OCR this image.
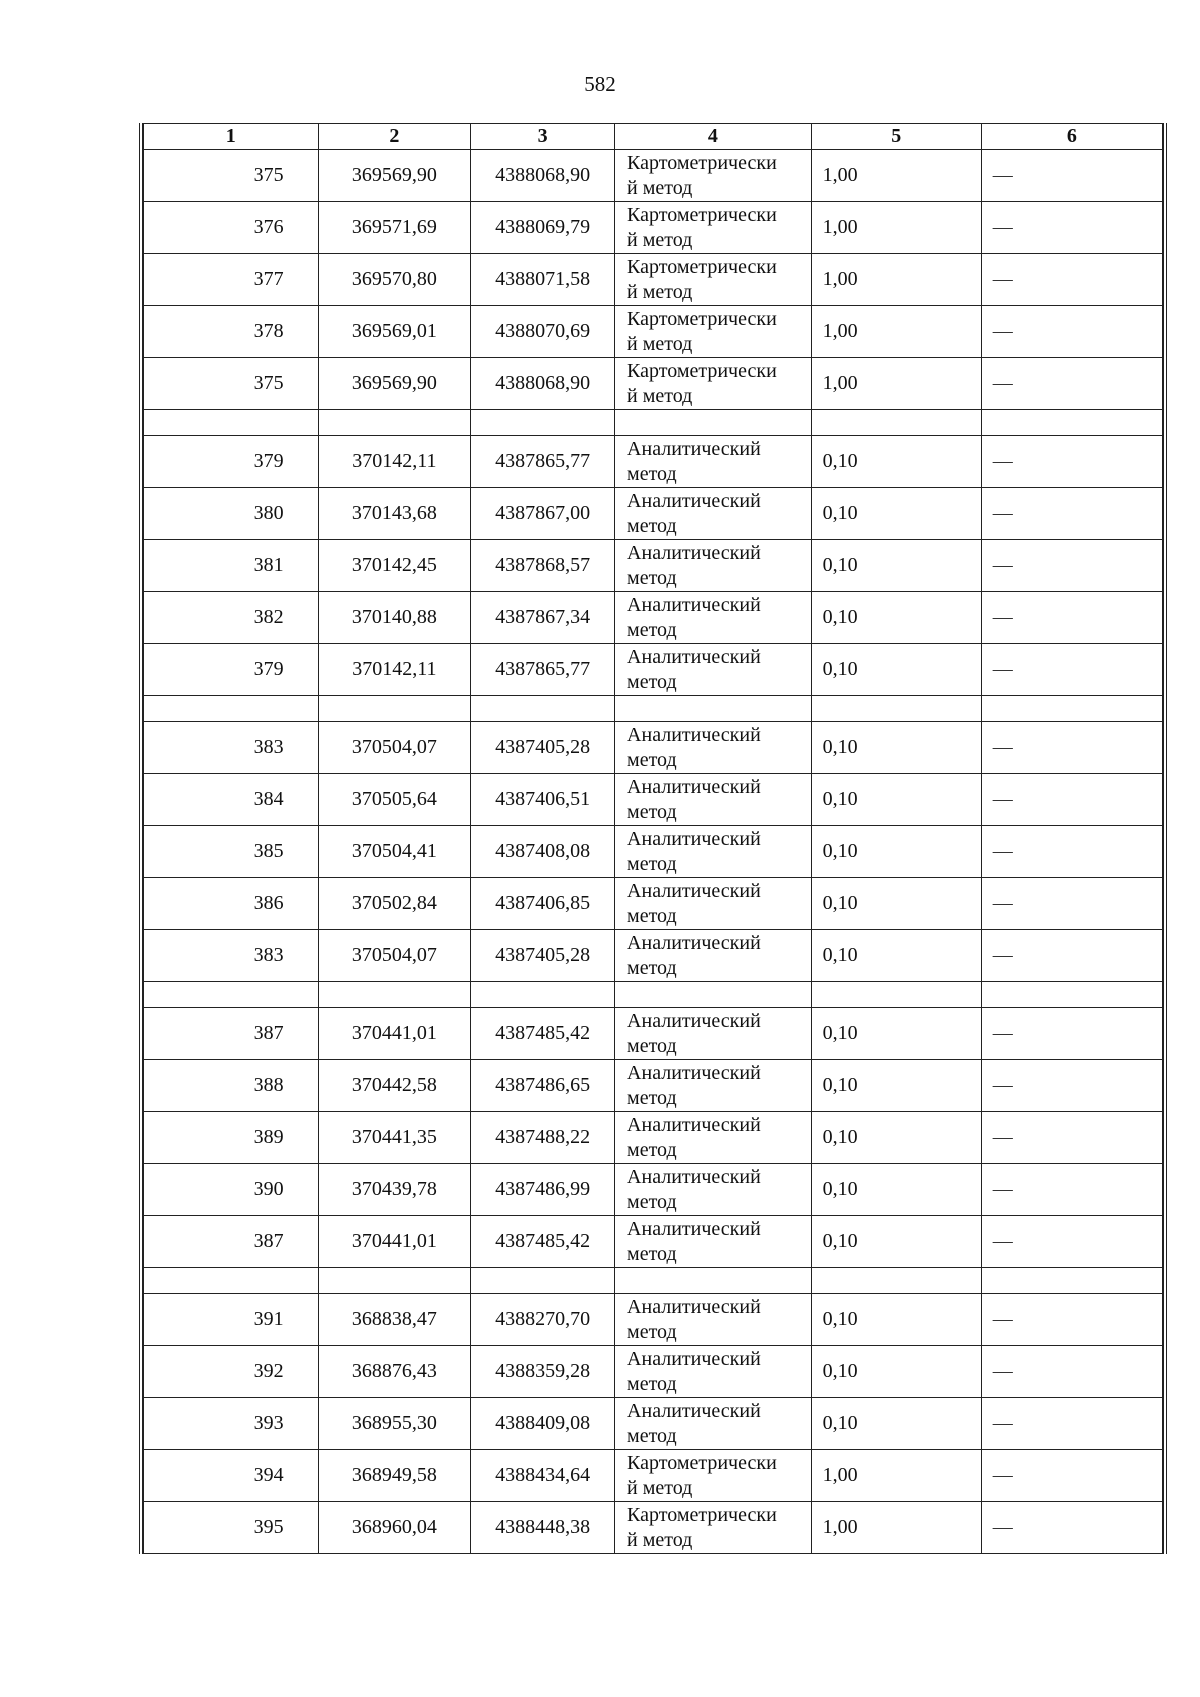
582
1	2	3	4	5	6
375	369569,90	4388068,90	Картометрически
й метод	1,00	—
376	369571,69	4388069,79	Картометрически
й метод	1,00	—
377	369570,80	4388071,58	Картометрически
й метод	1,00	—
378	369569,01	4388070,69	Картометрически
й метод	1,00	—
375	369569,90	4388068,90	Картометрически
й метод	1,00	—

379	370142,11	4387865,77	Аналитический
метод	0,10	—
380	370143,68	4387867,00	Аналитический
метод	0,10	—
381	370142,45	4387868,57	Аналитический
метод	0,10	—
382	370140,88	4387867,34	Аналитический
метод	0,10	—
379	370142,11	4387865,77	Аналитический
метод	0,10	—

383	370504,07	4387405,28	Аналитический
метод	0,10	—
384	370505,64	4387406,51	Аналитический
метод	0,10	—
385	370504,41	4387408,08	Аналитический
метод	0,10	—
386	370502,84	4387406,85	Аналитический
метод	0,10	—
383	370504,07	4387405,28	Аналитический
метод	0,10	—

387	370441,01	4387485,42	Аналитический
метод	0,10	—
388	370442,58	4387486,65	Аналитический
метод	0,10	—
389	370441,35	4387488,22	Аналитический
метод	0,10	—
390	370439,78	4387486,99	Аналитический
метод	0,10	—
387	370441,01	4387485,42	Аналитический
метод	0,10	—

391	368838,47	4388270,70	Аналитический
метод	0,10	—
392	368876,43	4388359,28	Аналитический
метод	0,10	—
393	368955,30	4388409,08	Аналитический
метод	0,10	—
394	368949,58	4388434,64	Картометрически
й метод	1,00	—
395	368960,04	4388448,38	Картометрически
й метод	1,00	—
